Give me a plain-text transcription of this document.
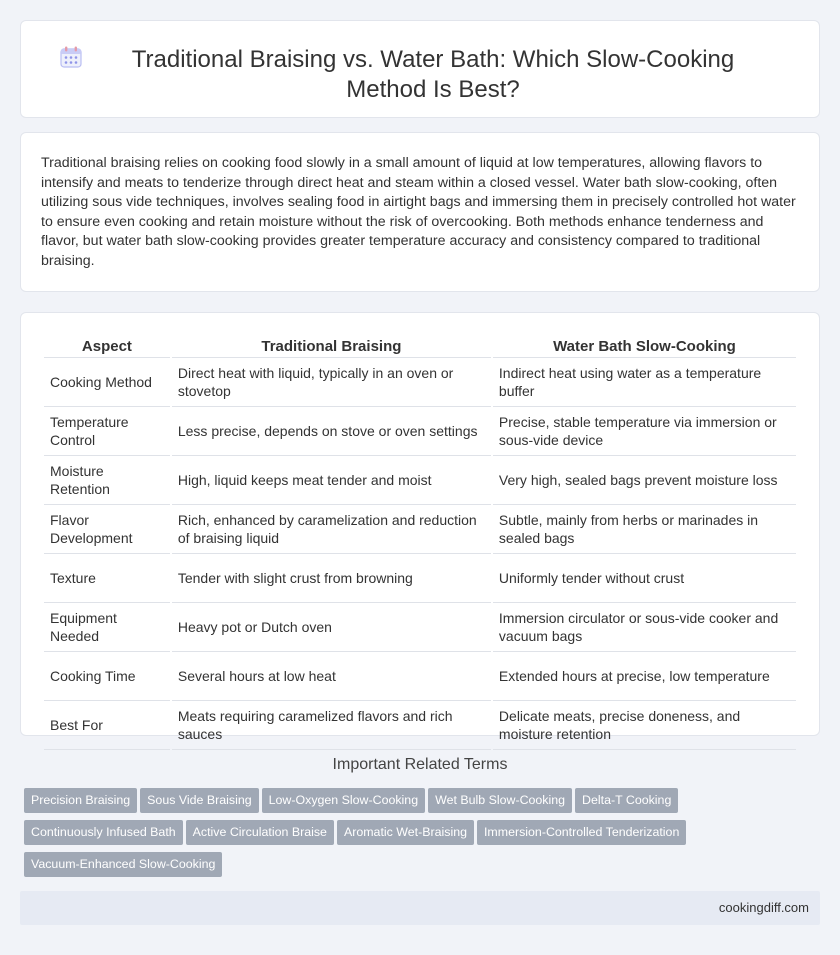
Traditional Braising vs. Water Bath: Which Slow-Cooking Method Is Best?

Traditional braising relies on cooking food slowly in a small amount of liquid at low temperatures, allowing flavors to intensify and meats to tenderize through direct heat and steam within a closed vessel. Water bath slow-cooking, often utilizing sous vide techniques, involves sealing food in airtight bags and immersing them in precisely controlled hot water to ensure even cooking and retain moisture without the risk of overcooking. Both methods enhance tenderness and flavor, but water bath slow-cooking provides greater temperature accuracy and consistency compared to traditional braising.

Aspect	Traditional Braising	Water Bath Slow-Cooking
Cooking Method	Direct heat with liquid, typically in an oven or stovetop	Indirect heat using water as a temperature buffer
Temperature Control	Less precise, depends on stove or oven settings	Precise, stable temperature via immersion or sous-vide device
Moisture Retention	High, liquid keeps meat tender and moist	Very high, sealed bags prevent moisture loss
Flavor Development	Rich, enhanced by caramelization and reduction of braising liquid	Subtle, mainly from herbs or marinades in sealed bags
Texture	Tender with slight crust from browning	Uniformly tender without crust
Equipment Needed	Heavy pot or Dutch oven	Immersion circulator or sous-vide cooker and vacuum bags
Cooking Time	Several hours at low heat	Extended hours at precise, low temperature
Best For	Meats requiring caramelized flavors and rich sauces	Delicate meats, precise doneness, and moisture retention
Important Related Terms
Precision Braising Sous Vide Braising Low-Oxygen Slow-Cooking Wet Bulb Slow-Cooking Delta-T Cooking
Continuously Infused Bath Active Circulation Braise Aromatic Wet-Braising Immersion-Controlled Tenderization
Vacuum-Enhanced Slow-Cooking
cookingdiff.com
